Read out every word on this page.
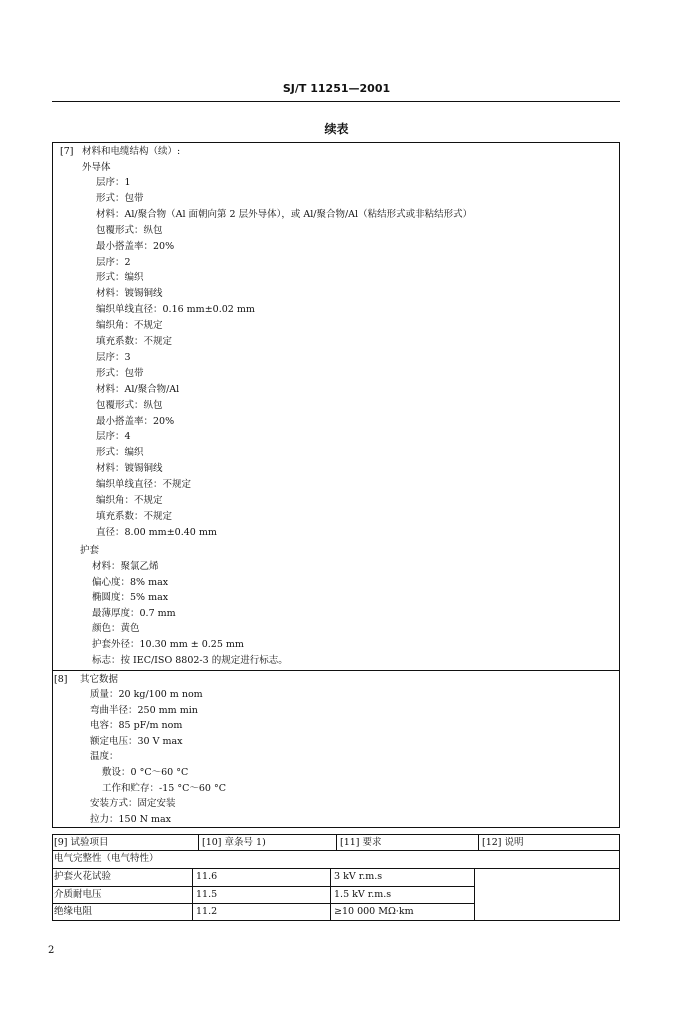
SJ/T 11251—2001
续表
[7] 材料和电缆结构（续）:
外导体
层序：1
形式：包带
材料：Al/聚合物（Al 面朝向第 2 层外导体），或 Al/聚合物/Al（粘结形式或非粘结形式）
包覆形式：纵包
最小搭盖率：20%
层序：2
形式：编织
材料：镀锡铜线
编织单线直径：0.16 mm±0.02 mm
编织角：不规定
填充系数：不规定
层序：3
形式：包带
材料：Al/聚合物/Al
包覆形式：纵包
最小搭盖率：20%
层序：4
形式：编织
材料：镀锡铜线
编织单线直径：不规定
编织角：不规定
填充系数：不规定
直径：8.00 mm±0.40 mm
护套
材料：聚氯乙烯
偏心度：8% max
椭圆度：5% max
最薄厚度：0.7 mm
颜色：黄色
护套外径：10.30 mm ± 0.25 mm
标志：按 IEC/ISO 8802-3 的规定进行标志。
[8] 其它数据
质量：20 kg/100 m nom
弯曲半径：250 mm min
电容：85 pF/m nom
额定电压：30 V max
温度：
敷设：0 °C～60 °C
工作和贮存：-15 °C～60 °C
安装方式：固定安装
拉力：150 N max
[9] 试验项目	[10] 章条号 1)	[11] 要求	[12] 说明
电气完整性（电气特性）
护套火花试验	11.6	3 kV r.m.s
介质耐电压	11.5	1.5 kV r.m.s
绝缘电阻	11.2	≥10 000 MΩ·km
2
